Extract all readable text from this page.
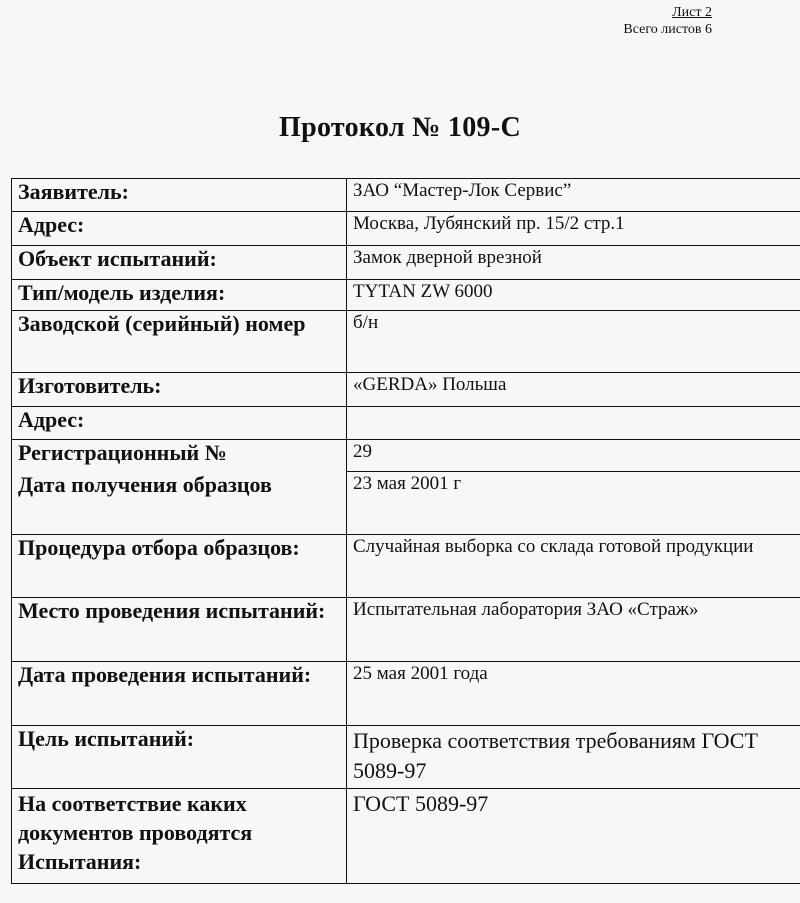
Лист 2
Всего листов 6
Протокол № 109-С
Заявитель:	ЗАО “Мастер-Лок Сервис”
Адрес:	Москва, Лубянский пр. 15/2 стр.1
Объект испытаний:	Замок дверной врезной
Тип/модель изделия:	TYTAN ZW 6000
Заводской (серийный) номер	б/н
Изготовитель:	«GERDA» Польша
Адрес:	
Регистрационный №	29
Дата получения образцов	23 мая 2001 г
Процедура отбора образцов:	Случайная выборка со склада готовой продукции
Место проведения испытаний:	Испытательная лаборатория ЗАО «Страж»
Дата проведения испытаний:	25 мая 2001 года
Цель испытаний:	Проверка соответствия требованиям ГОСТ 5089-97
На соответствие каких документов проводятся Испытания:	ГОСТ 5089-97
